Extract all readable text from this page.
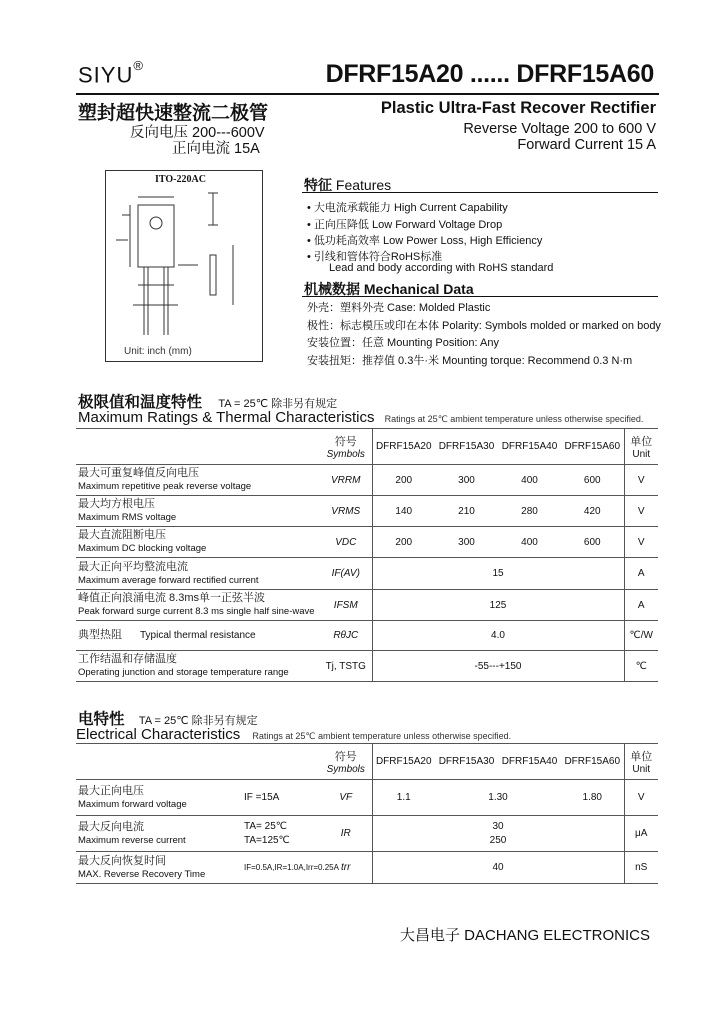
SIYU®	DFRF15A20 ...... DFRF15A60
塑封超快速整流二极管
反向电压 200---600V
正向电流 15A
Plastic Ultra-Fast Recover Rectifier
Reverse Voltage 200 to 600 V
Forward Current 15 A
ITO-220AC
Unit: inch (mm)
特征 Features
• 大电流承载能力 High Current Capability
• 正向压降低 Low Forward Voltage Drop
• 低功耗高效率 Low Power Loss, High Efficiency
• 引线和管体符合RoHS标准
Lead and body according with RoHS standard
机械数据 Mechanical Data
外壳：塑料外壳 Case: Molded Plastic
极性：标志模压或印在本体 Polarity: Symbols molded or marked on body
安装位置：任意 Mounting Position: Any
安装扭矩：推荐值 0.3牛·米 Mounting torque: Recommend 0.3 N·m
极限值和温度特性 TA = 25℃ 除非另有规定
Maximum Ratings & Thermal Characteristics Ratings at 25℃ ambient temperature unless otherwise specified.

	符号
Symbols	DFRF15A20	DFRF15A30	DFRF15A40	DFRF15A60	单位
Unit

最大可重复峰值反向电压
Maximum repetitive peak reverse voltage	VRRM	200	300	400	600	V

最大均方根电压
Maximum RMS voltage	VRMS	140	210	280	420	V

最大直流阻断电压
Maximum DC blocking voltage	VDC	200	300	400	600	V

最大正向平均整流电流
Maximum average forward rectified current	IF(AV)	15				A

峰值正向浪涌电流 8.3ms单一正弦半波
Peak forward surge current 8.3 ms single half sine-wave	IFSM	125				A

典型热阻 Typical thermal resistance	RθJC	4.0				℃/W

工作结温和存储温度
Operating junction and storage temperature range	Tj, TSTG	-55---+150				℃
电特性 TA = 25℃ 除非另有规定
Electrical Characteristics Ratings at 25℃ ambient temperature unless otherwise specified.

		符号
Symbols	DFRF15A20	DFRF15A30	DFRF15A40	DFRF15A60	单位
Unit

最大正向电压
Maximum forward voltage	IF =15A	VF	1.1	1.30		1.80	V

最大反向电流
Maximum reverse current	TA= 25℃
TA=125℃	IR	30
250				μA

最大反向恢复时间
MAX. Reverse Recovery Time	IF=0.5A,IR=1.0A,Irr=0.25A	trr	40				nS
大昌电子 DACHANG ELECTRONICS
